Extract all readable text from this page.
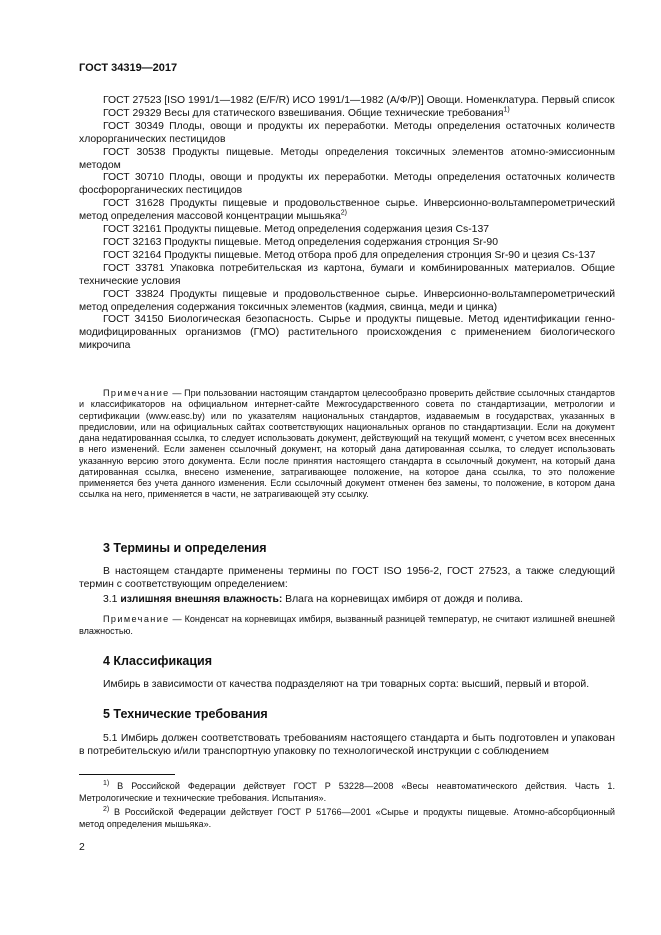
ГОСТ 34319—2017
ГОСТ 27523 [ISO 1991/1—1982 (E/F/R) ИСО 1991/1—1982 (А/Ф/Р)] Овощи. Номенклатура. Первый список
ГОСТ 29329 Весы для статического взвешивания. Общие технические требования$^{1)}$
ГОСТ 30349 Плоды, овощи и продукты их переработки. Методы определения остаточных количеств хлорорганических пестицидов
ГОСТ 30538 Продукты пищевые. Методы определения токсичных элементов атомно-эмиссионным методом
ГОСТ 30710 Плоды, овощи и продукты их переработки. Методы определения остаточных количеств фосфорорганических пестицидов
ГОСТ 31628 Продукты пищевые и продовольственное сырье. Инверсионно-вольтамперометрический метод определения массовой концентрации мышьяка$^{2)}$
ГОСТ 32161 Продукты пищевые. Метод определения содержания цезия Cs-137
ГОСТ 32163 Продукты пищевые. Метод определения содержания стронция Sr-90
ГОСТ 32164 Продукты пищевые. Метод отбора проб для определения стронция Sr-90 и цезия Cs-137
ГОСТ 33781 Упаковка потребительская из картона, бумаги и комбинированных материалов. Общие технические условия
ГОСТ 33824 Продукты пищевые и продовольственное сырье. Инверсионно-вольтамперометрический метод определения содержания токсичных элементов (кадмия, свинца, меди и цинка)
ГОСТ 34150 Биологическая безопасность. Сырье и продукты пищевые. Метод идентификации генно-модифицированных организмов (ГМО) растительного происхождения с применением биологического микрочипа
Примечание — При пользовании настоящим стандартом целесообразно проверить действие ссылочных стандартов и классификаторов на официальном интернет-сайте Межгосударственного совета по стандартизации, метрологии и сертификации (www.easc.by) или по указателям национальных стандартов, издаваемым в государствах, указанных в предисловии, или на официальных сайтах соответствующих национальных органов по стандартизации. Если на документ дана недатированная ссылка, то следует использовать документ, действующий на текущий момент, с учетом всех внесенных в него изменений. Если заменен ссылочный документ, на который дана датированная ссылка, то следует использовать указанную версию этого документа. Если после принятия настоящего стандарта в ссылочный документ, на который дана датированная ссылка, внесено изменение, затрагивающее положение, на которое дана ссылка, то это положение применяется без учета данного изменения. Если ссылочный документ отменен без замены, то положение, в котором дана ссылка на него, применяется в части, не затрагивающей эту ссылку.
3 Термины и определения
В настоящем стандарте применены термины по ГОСТ ISO 1956-2, ГОСТ 27523, а также следующий термин с соответствующим определением:
3.1 излишняя внешняя влажность: Влага на корневищах имбиря от дождя и полива.
Примечание — Конденсат на корневищах имбиря, вызванный разницей температур, не считают излишней внешней влажностью.
4 Классификация
Имбирь в зависимости от качества подразделяют на три товарных сорта: высший, первый и второй.
5 Технические требования
5.1 Имбирь должен соответствовать требованиям настоящего стандарта и быть подготовлен и упакован в потребительскую и/или транспортную упаковку по технологической инструкции с соблюдением
$^{1)}$ В Российской Федерации действует ГОСТ Р 53228—2008 «Весы неавтоматического действия. Часть 1. Метрологические и технические требования. Испытания».
$^{2)}$ В Российской Федерации действует ГОСТ Р 51766—2001 «Сырье и продукты пищевые. Атомно-абсорбционный метод определения мышьяка».
2
